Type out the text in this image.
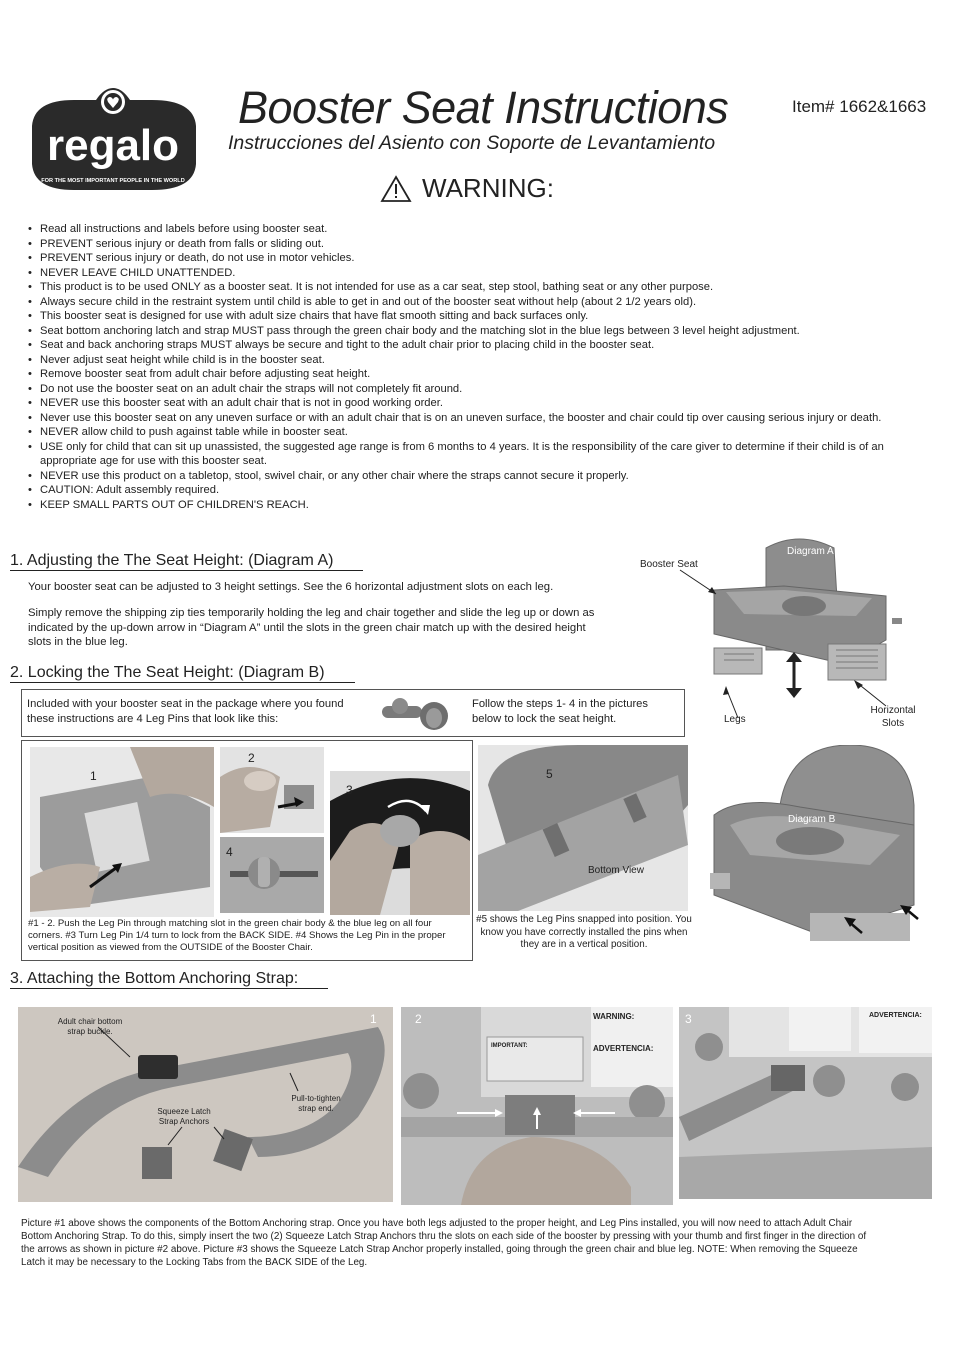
regalo
FOR THE MOST IMPORTANT PEOPLE IN THE WORLD
Booster Seat Instructions
Instrucciones del Asiento con Soporte de Levantamiento
Item# 1662&1663
WARNING:
• Read all instructions and labels before using booster seat.
• PREVENT serious injury or death from falls or sliding out.
• PREVENT serious injury or death, do not use in motor vehicles.
• NEVER LEAVE CHILD UNATTENDED.
• This product is to be used ONLY as a booster seat. It is not intended for use as a car seat, step stool, bathing seat or any other purpose.
• Always secure child in the restraint system until child is able to get in and out of the booster seat without help (about 2 1/2 years old).
• This booster seat is designed for use with adult size chairs that have flat smooth sitting and back surfaces only.
• Seat bottom anchoring latch and strap MUST pass through the green chair body and the matching slot in the blue legs between 3 level height adjustment.
• Seat and back anchoring straps MUST always be secure and tight to the adult chair prior to placing child in the booster seat.
• Never adjust seat height while child is in the booster seat.
• Remove booster seat from adult chair before adjusting seat height.
• Do not use the booster seat on an adult chair the straps will not completely fit around.
• NEVER use this booster seat with an adult chair that is not in good working order.
• Never use this booster seat on any uneven surface or with an adult chair that is on an uneven surface, the booster and chair could tip over causing serious injury or death.
• NEVER allow child to push against table while in booster seat.
• USE only for child that can sit up unassisted, the suggested age range is from 6 months to 4 years. It is the responsibility of the care giver to determine if their child is of an appropriate age for use with this booster seat.
• NEVER use this product on a tabletop, stool, swivel chair, or any other chair where the straps cannot secure it properly.
• CAUTION: Adult assembly required.
• KEEP SMALL PARTS OUT OF CHILDREN'S REACH.
1. Adjusting the The Seat Height: (Diagram A)
Your booster seat can be adjusted to 3 height settings. See the 6 horizontal adjustment slots on each leg.
Simply remove the shipping zip ties temporarily holding the leg and chair together and slide the leg up or down as indicated by the up-down arrow in “Diagram A” until the slots in the green chair match up with the desired height slots in the blue leg.
Diagram A
Booster Seat
Legs
Horizontal
Slots
2. Locking the The Seat Height: (Diagram B)
Included with your booster seat in the package where you found these instructions are 4 Leg Pins that look like this:
Follow the steps 1- 4 in the pictures below to lock the seat height.
1
2
4
3
#1 - 2. Push the Leg Pin through matching slot in the green chair body & the blue leg on all four corners. #3 Turn Leg Pin 1/4 turn to lock from the BACK SIDE. #4 Shows the Leg Pin in the proper vertical position as viewed from the OUTSIDE of the Booster Chair.
5
Bottom View
#5 shows the Leg Pins snapped into position. You know you have correctly installed the pins when they are in a vertical position.
Diagram B
3. Attaching the Bottom Anchoring Strap:
Adult chair bottom
strap buckle.
Pull-to-tighten
strap end.
Squeeze Latch
Strap Anchors
1	WARNING:
ADVERTENCIA:
IMPORTANT:
2	ADVERTENCIA:
3
Picture #1 above shows the components of the Bottom Anchoring strap. Once you have both legs adjusted to the proper height, and Leg Pins installed, you will now need to attach Adult Chair Bottom Anchoring Strap. To do this, simply insert the two (2) Squeeze Latch Strap Anchors thru the slots on each side of the booster by pressing with your thumb and first finger in the direction of the arrows as shown in picture #2 above. Picture #3 shows the Squeeze Latch Strap Anchor properly installed, going through the green chair and blue leg. NOTE: When removing the Squeeze Latch it may be necessary to the Locking Tabs from the BACK SIDE of the Leg.
